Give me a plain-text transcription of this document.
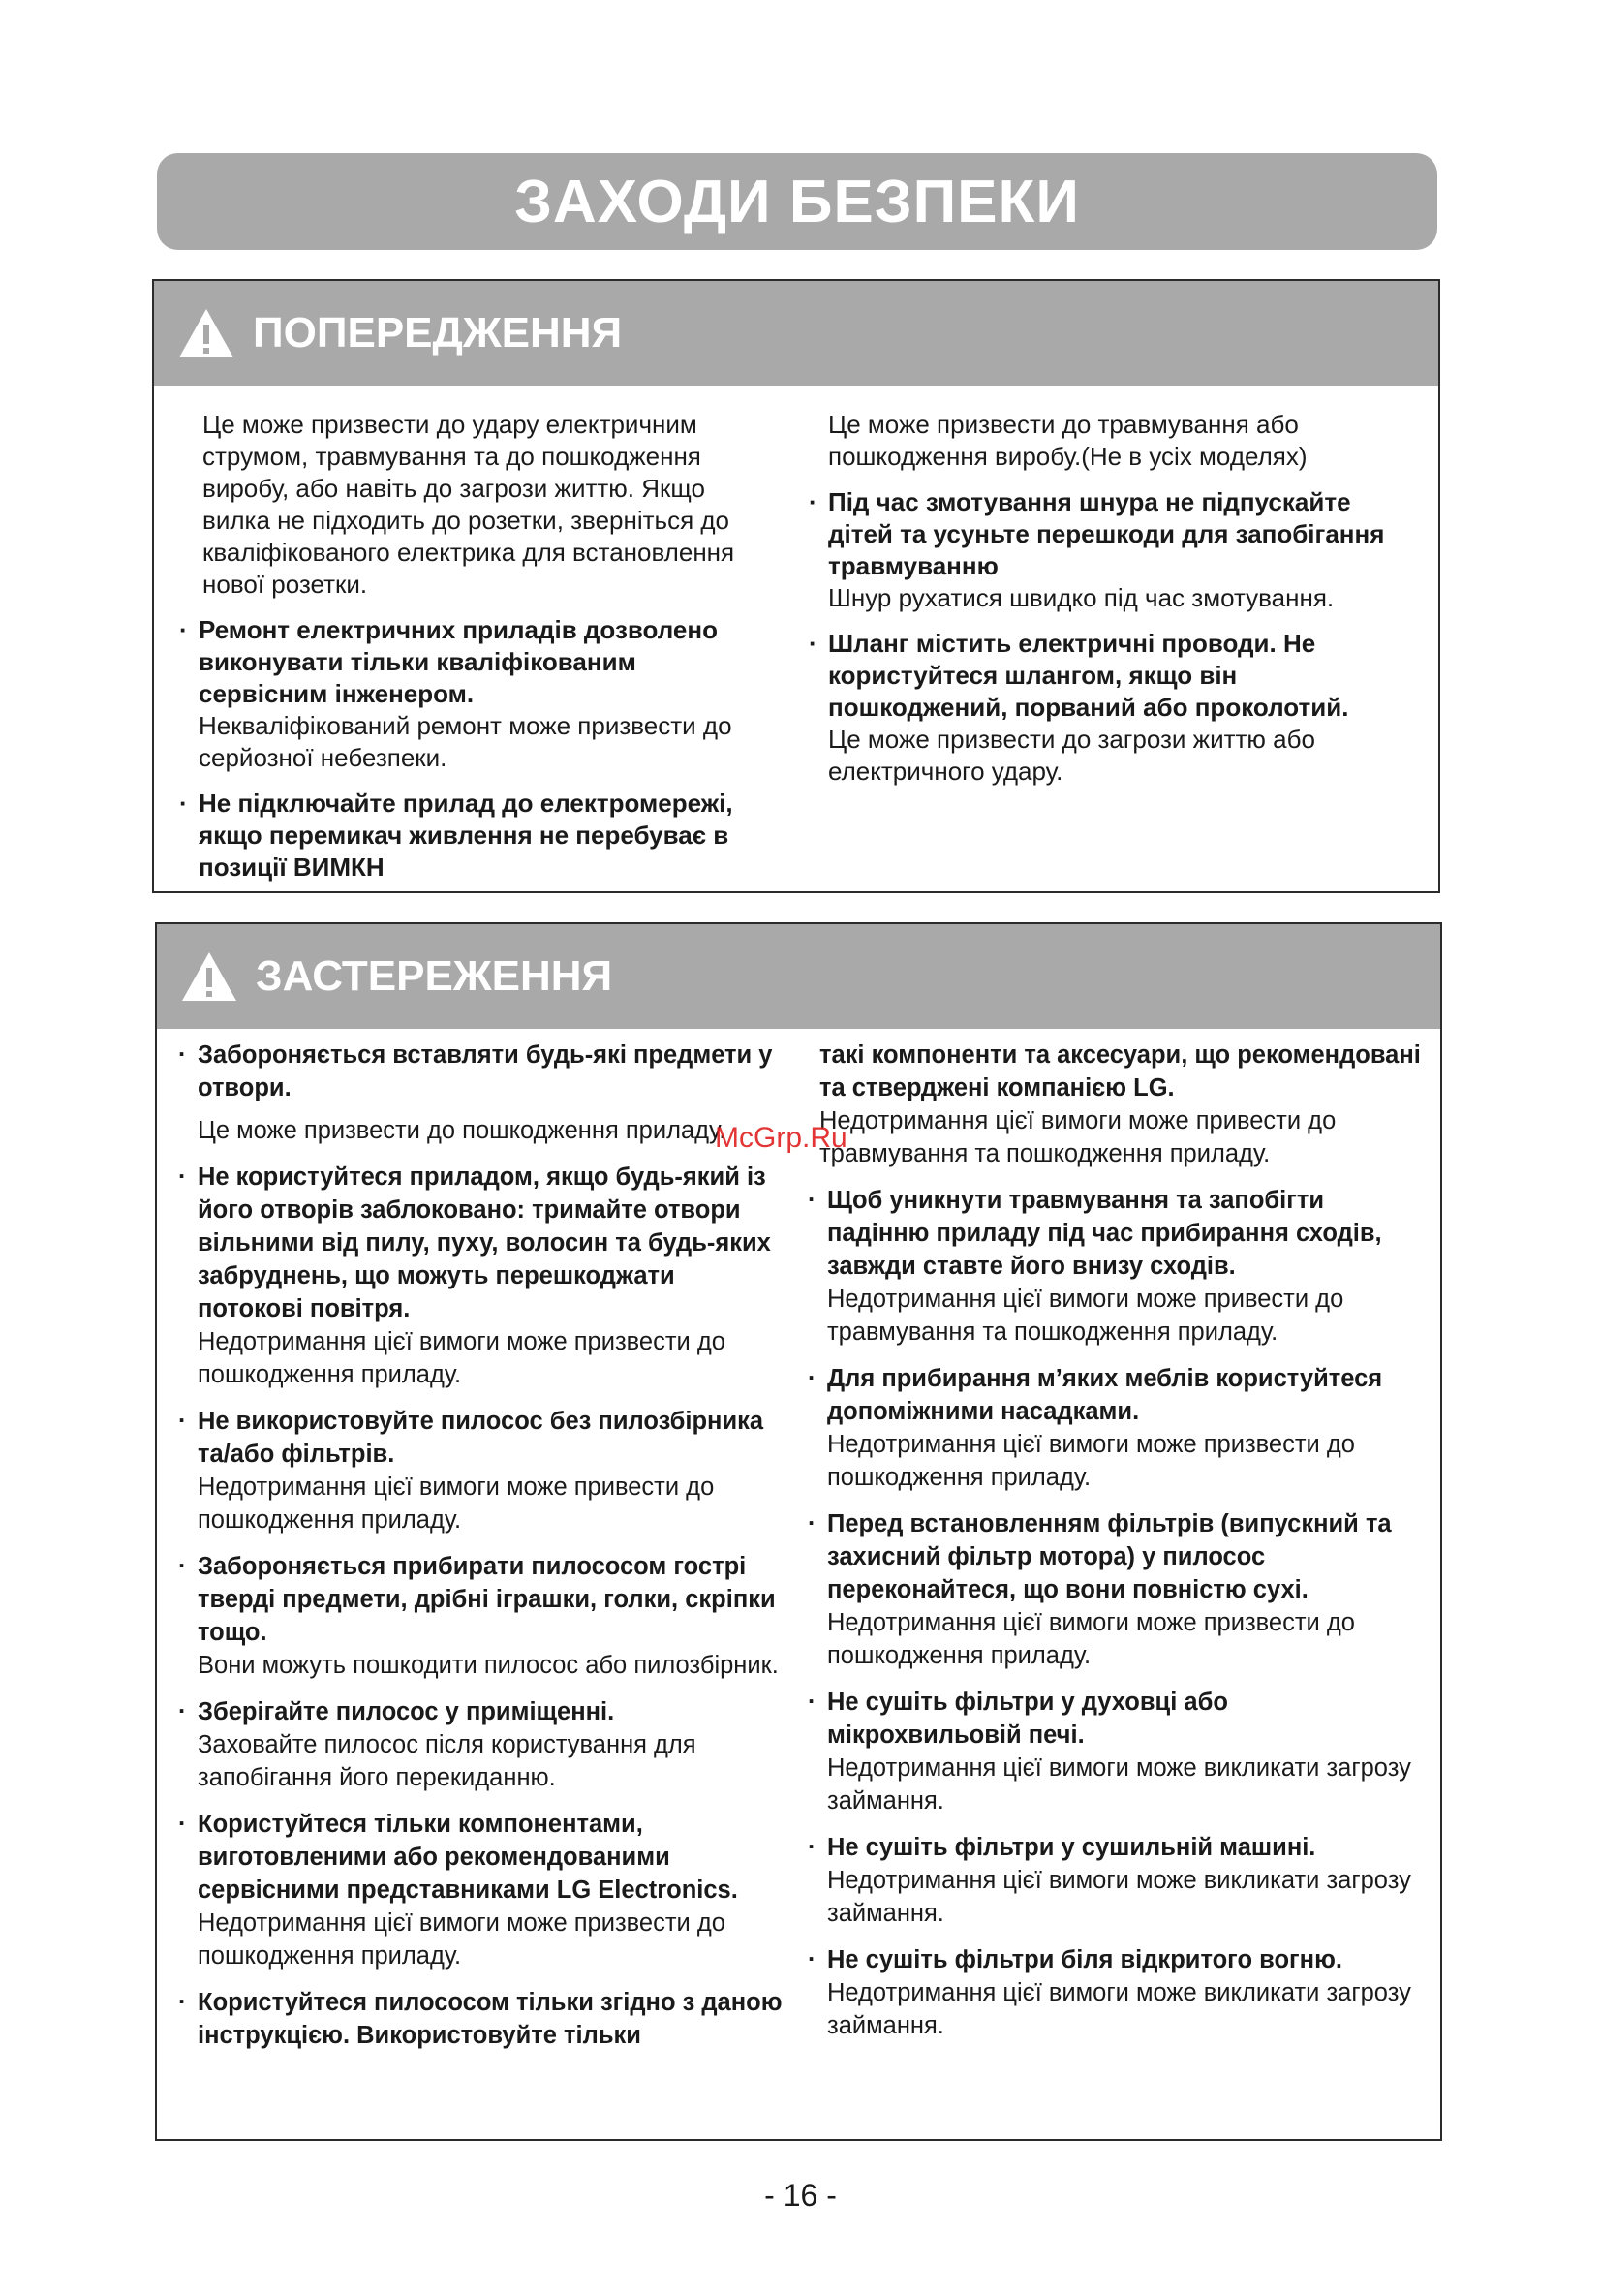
ЗАХОДИ БЕЗПЕКИ
ПОПЕРЕДЖЕННЯ
Це може призвести до удару електричним струмом, травмування та до пошкодження виробу, або навіть до загрози життю. Якщо вилка не підходить до розетки, зверніться до кваліфікованого електрика для встановлення нової розетки.
· Ремонт електричних приладів дозволено виконувати тільки кваліфікованим сервісним інженером.
Некваліфікований ремонт може призвести до серйозної небезпеки.
· Не підключайте прилад до електромережі, якщо перемикач живлення не перебуває в позиції ВИМКН
Це може призвести до травмування або пошкодження виробу.(Не в усіх моделях)
· Під час змотування шнура не підпускайте дітей та усуньте перешкоди для запобігання травмуванню
Шнур рухатися швидко під час змотування.
· Шланг містить електричні проводи. Не користуйтеся шлангом, якщо він пошкоджений, порваний або проколотий.
Це може призвести до загрози життю або електричного удару.
ЗАСТЕРЕЖЕННЯ
· Забороняється вставляти будь-які предмети у отвори.
Це може призвести до пошкодження приладу.
· Не користуйтеся приладом, якщо будь-який із його отворів заблоковано: тримайте отвори вільними від пилу, пуху, волосин та будь-яких забруднень, що можуть перешкоджати потокові повітря.
Недотримання цієї вимоги може призвести до пошкодження приладу.
· Не використовуйте пилосос без пилозбірника та/або фільтрів.
Недотримання цієї вимоги може привести до пошкодження приладу.
· Забороняється прибирати пилососом гострі тверді предмети, дрібні іграшки, голки, скріпки тощо.
Вони можуть пошкодити пилосос або пилозбірник.
· Зберігайте пилосос у приміщенні.
Заховайте пилосос після користування для запобігання його перекиданню.
· Користуйтеся тільки компонентами, виготовленими або рекомендованими сервісними представниками LG Electronics.
Недотримання цієї вимоги може призвести до пошкодження приладу.
· Користуйтеся пилососом тільки згідно з даною інструкцією. Використовуйте тільки
такі компоненти та аксесуари, що рекомендовані та стверджені компанією LG.
Недотримання цієї вимоги може привести до травмування та пошкодження приладу.
· Щоб уникнути травмування та запобігти падінню приладу під час прибирання сходів, завжди ставте його внизу сходів.
Недотримання цієї вимоги може привести до травмування та пошкодження приладу.
· Для прибирання м’яких меблів користуйтеся допоміжними насадками.
Недотримання цієї вимоги може призвести до пошкодження приладу.
· Перед встановленням фільтрів (випускний та захисний фільтр мотора) у пилосос переконайтеся, що вони повністю сухі.
Недотримання цієї вимоги може призвести до пошкодження приладу.
· Не сушіть фільтри у духовці або мікрохвильовій печі.
Недотримання цієї вимоги може викликати загрозу займання.
· Не сушіть фільтри у сушильній машині.
Недотримання цієї вимоги може викликати загрозу займання.
· Не сушіть фільтри біля відкритого вогню.
Недотримання цієї вимоги може викликати загрозу займання.
McGrp.Ru
- 16 -
